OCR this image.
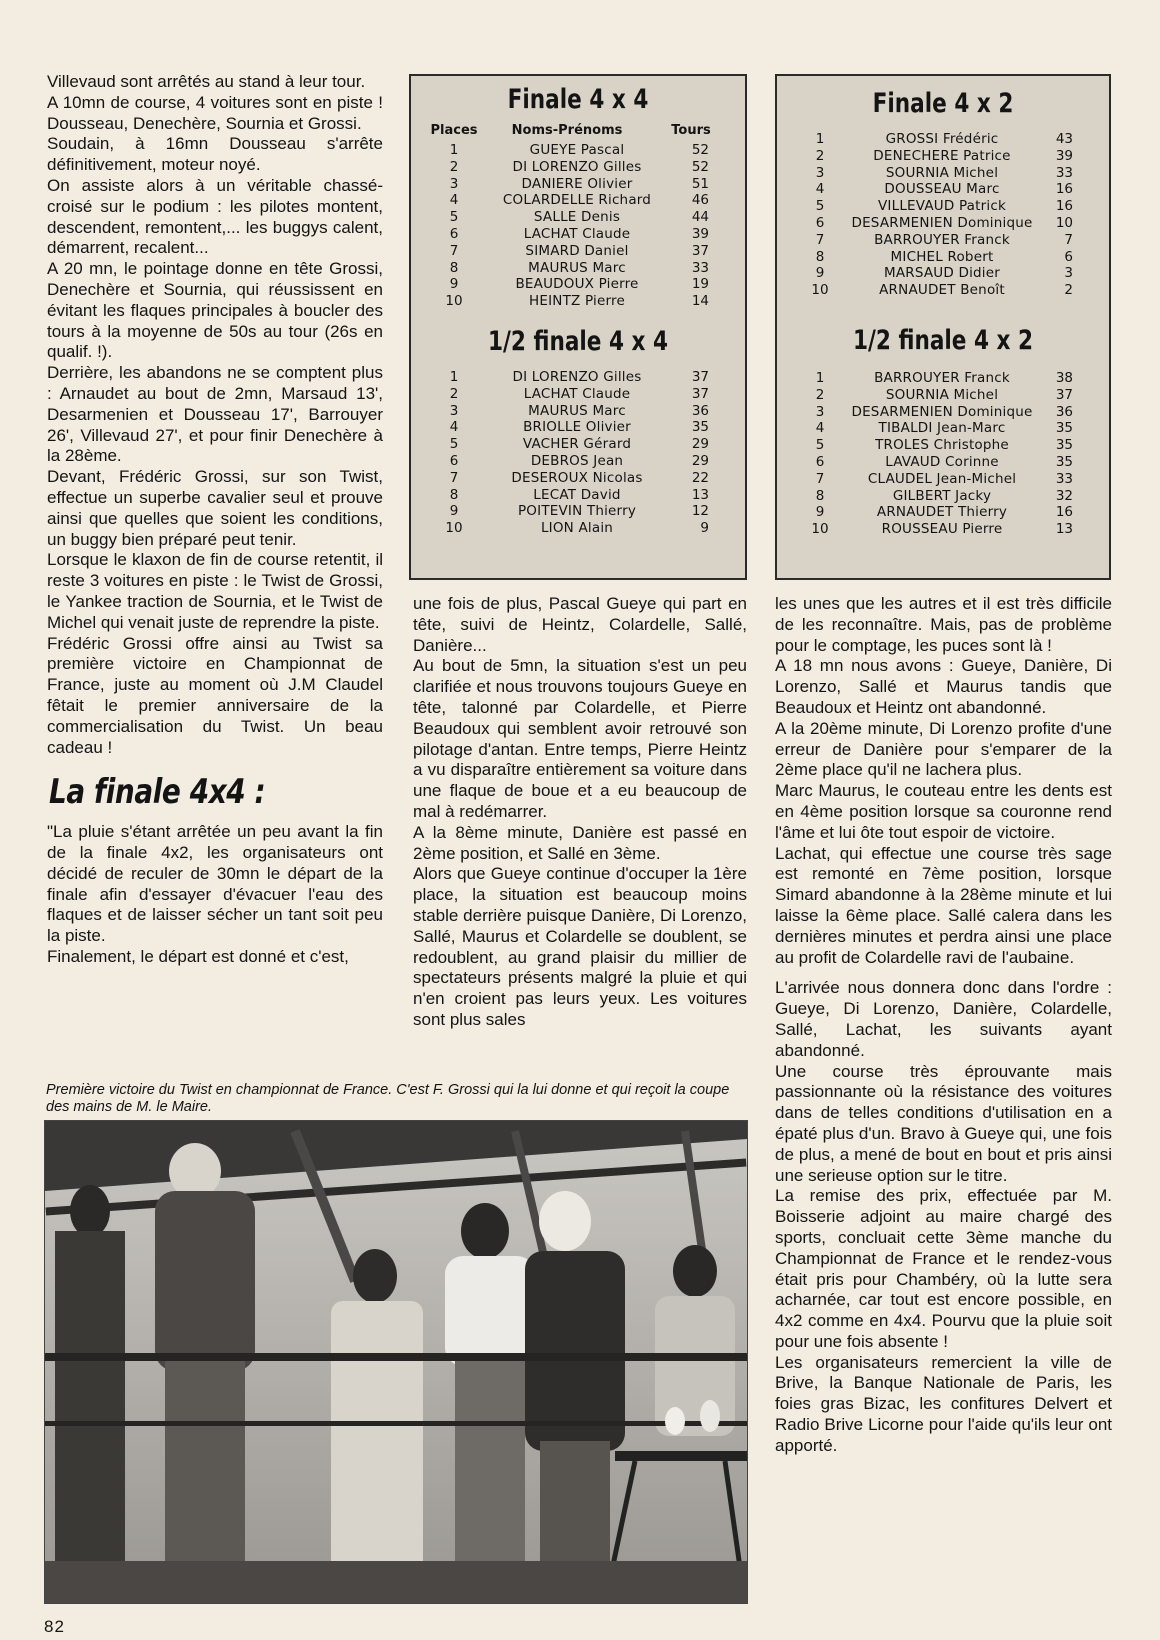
Villevaud sont arrêtés au stand à leur tour.

A 10mn de course, 4 voitures sont en piste ! Dousseau, Denechère, Sournia et Grossi.

Soudain, à 16mn Dousseau s'arrête définitivement, moteur noyé.

On assiste alors à un véritable chassé-croisé sur le podium : les pilotes montent, descendent, remontent,... les buggys calent, démarrent, recalent...

A 20 mn, le pointage donne en tête Grossi, Denechère et Sournia, qui réussissent en évitant les flaques principales à boucler des tours à la moyenne de 50s au tour (26s en qualif. !).

Derrière, les abandons ne se comptent plus : Arnaudet au bout de 2mn, Marsaud 13', Desarmenien et Dousseau 17', Barrouyer 26', Villevaud 27', et pour finir Denechère à la 28ème.

Devant, Frédéric Grossi, sur son Twist, effectue un superbe cavalier seul et prouve ainsi que quelles que soient les conditions, un buggy bien préparé peut tenir.

Lorsque le klaxon de fin de course retentit, il reste 3 voitures en piste : le Twist de Grossi, le Yankee traction de Sournia, et le Twist de Michel qui venait juste de reprendre la piste.

Frédéric Grossi offre ainsi au Twist sa première victoire en Championnat de France, juste au moment où J.M Claudel fêtait le premier anniversaire de la commercialisation du Twist. Un beau cadeau !

La finale 4x4 :

"La pluie s'étant arrêtée un peu avant la fin de la finale 4x2, les organisateurs ont décidé de reculer de 30mn le départ de la finale afin d'essayer d'évacuer l'eau des flaques et de laisser sécher un tant soit peu la piste.

Finalement, le départ est donné et c'est,

Finale 4 x 4
Places	Noms-Prénoms	Tours
1	GUEYE Pascal	52
2	DI LORENZO Gilles	52
3	DANIERE Olivier	51
4	COLARDELLE Richard	46
5	SALLE Denis	44
6	LACHAT Claude	39
7	SIMARD Daniel	37
8	MAURUS Marc	33
9	BEAUDOUX Pierre	19
10	HEINTZ Pierre	14
1/2 finale 4 x 4
1	DI LORENZO Gilles	37
2	LACHAT Claude	37
3	MAURUS Marc	36
4	BRIOLLE Olivier	35
5	VACHER Gérard	29
6	DEBROS Jean	29
7	DESEROUX Nicolas	22
8	LECAT David	13
9	POITEVIN Thierry	12
10	LION Alain	9
Finale 4 x 2
1	GROSSI Frédéric	43
2	DENECHERE Patrice	39
3	SOURNIA Michel	33
4	DOUSSEAU Marc	16
5	VILLEVAUD Patrick	16
6	DESARMENIEN Dominique	10
7	BARROUYER Franck	7
8	MICHEL Robert	6
9	MARSAUD Didier	3
10	ARNAUDET Benoît	2
1/2 finale 4 x 2
1	BARROUYER Franck	38
2	SOURNIA Michel	37
3	DESARMENIEN Dominique	36
4	TIBALDI Jean-Marc	35
5	TROLES Christophe	35
6	LAVAUD Corinne	35
7	CLAUDEL Jean-Michel	33
8	GILBERT Jacky	32
9	ARNAUDET Thierry	16
10	ROUSSEAU Pierre	13

une fois de plus, Pascal Gueye qui part en tête, suivi de Heintz, Colardelle, Sallé, Danière...

Au bout de 5mn, la situation s'est un peu clarifiée et nous trouvons toujours Gueye en tête, talonné par Colardelle, et Pierre Beaudoux qui semblent avoir retrouvé son pilotage d'antan. Entre temps, Pierre Heintz a vu disparaître entièrement sa voiture dans une flaque de boue et a eu beaucoup de mal à redémarrer.

A la 8ème minute, Danière est passé en 2ème position, et Sallé en 3ème.

Alors que Gueye continue d'occuper la 1ère place, la situation est beaucoup moins stable derrière puisque Danière, Di Lorenzo, Sallé, Maurus et Colardelle se doublent, se redoublent, au grand plaisir du millier de spectateurs présents malgré la pluie et qui n'en croient pas leurs yeux. Les voitures sont plus sales

les unes que les autres et il est très difficile de les reconnaître. Mais, pas de problème pour le comptage, les puces sont là !

A 18 mn nous avons : Gueye, Danière, Di Lorenzo, Sallé et Maurus tandis que Beaudoux et Heintz ont abandonné.

A la 20ème minute, Di Lorenzo profite d'une erreur de Danière pour s'emparer de la 2ème place qu'il ne lachera plus.

Marc Maurus, le couteau entre les dents est en 4ème position lorsque sa couronne rend l'âme et lui ôte tout espoir de victoire.

Lachat, qui effectue une course très sage est remonté en 7ème position, lorsque Simard abandonne à la 28ème minute et lui laisse la 6ème place. Sallé calera dans les dernières minutes et perdra ainsi une place au profit de Colardelle ravi de l'aubaine.

L'arrivée nous donnera donc dans l'ordre : Gueye, Di Lorenzo, Danière, Colardelle, Sallé, Lachat, les suivants ayant abandonné.

Une course très éprouvante mais passionnante où la résistance des voitures dans de telles conditions d'utilisation en a épaté plus d'un. Bravo à Gueye qui, une fois de plus, a mené de bout en bout et pris ainsi une serieuse option sur le titre.

La remise des prix, effectuée par M. Boisserie adjoint au maire chargé des sports, concluait cette 3ème manche du Championnat de France et le rendez-vous était pris pour Chambéry, où la lutte sera acharnée, car tout est encore possible, en 4x2 comme en 4x4. Pourvu que la pluie soit pour une fois absente !

Les organisateurs remercient la ville de Brive, la Banque Nationale de Paris, les foies gras Bizac, les confitures Delvert et Radio Brive Licorne pour l'aide qu'ils leur ont apporté.

Première victoire du Twist en championnat de France. C'est F. Grossi qui la lui donne et qui reçoit la coupe des mains de M. le Maire.
82
